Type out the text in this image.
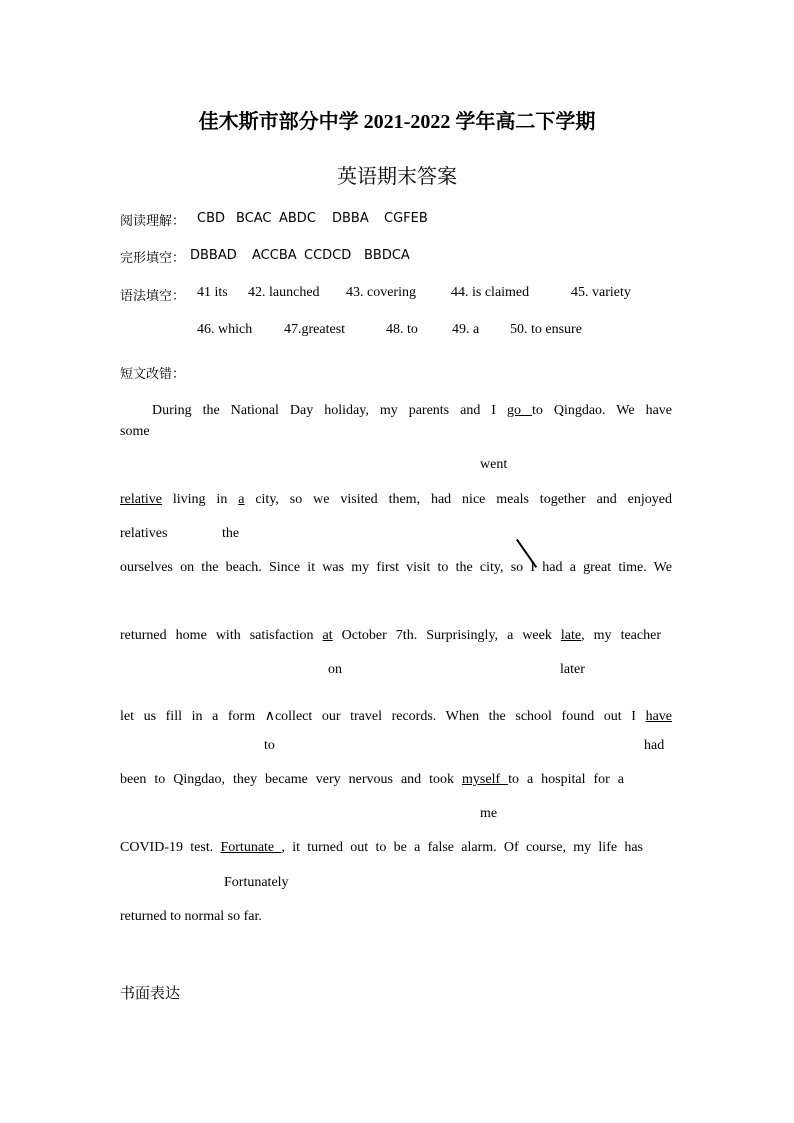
佳木斯市部分中学 2021-2022 学年高二下学期
英语期末答案
阅读理解： CBD BCAC ABDC DBBA CGFEB
完形填空： DBBAD ACCBA CCDCD BBDCA
语法填空： 41 its 42. launched 43. covering	44. is claimed	45. variety
46. which 47.greatest	48. to 49. a 50. to ensure
短文改错：
During the National Day holiday, my parents and I go to Qingdao. We have
some
went
relative living in a city, so we visited them, had nice meals together and enjoyed
relatives	the
ourselves on the beach. Since it was my first visit to the city, so I had a great time. We
returned home with satisfaction at October 7th. Surprisingly, a week late, my teacher
on	later
let us fill in a form ∧collect our travel records. When the school found out I have
to	had
been to Qingdao, they became very nervous and took myself to a hospital for a
me
COVID-19 test. Fortunate , it turned out to be a false alarm. Of course, my life has
Fortunately
returned to normal so far.
书面表达
